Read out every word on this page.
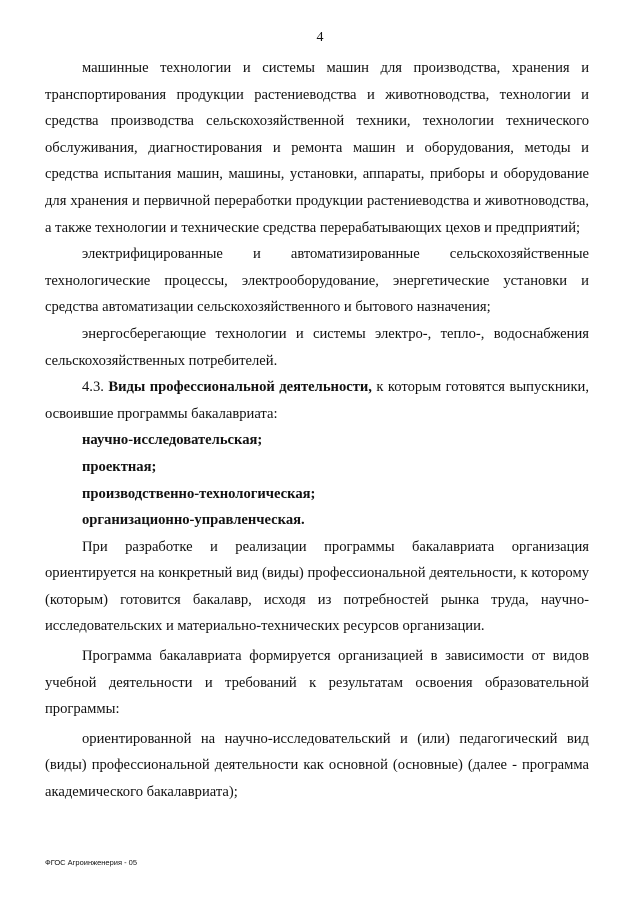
4

машинные технологии и системы машин для производства, хранения и транспортирования продукции растениеводства и животноводства, технологии и средства производства сельскохозяйственной техники, технологии технического обслуживания, диагностирования и ремонта машин и оборудования, методы и средства испытания машин, машины, установки, аппараты, приборы и оборудование для хранения и первичной переработки продукции растениеводства и животноводства, а также технологии и технические средства перерабатывающих цехов и предприятий;

электрифицированные и автоматизированные сельскохозяйственные технологические процессы, электрооборудование, энергетические установки и средства автоматизации сельскохозяйственного и бытового назначения;

энергосберегающие технологии и системы электро-, тепло-, водоснабжения сельскохозяйственных потребителей.

4.3. Виды профессиональной деятельности, к которым готовятся выпускники, освоившие программы бакалавриата:

научно-исследовательская;
проектная;
производственно-технологическая;
организационно-управленческая.

При разработке и реализации программы бакалавриата организация ориентируется на конкретный вид (виды) профессиональной деятельности, к которому (которым) готовится бакалавр, исходя из потребностей рынка труда, научно-исследовательских и материально-технических ресурсов организации.

Программа бакалавриата формируется организацией в зависимости от видов учебной деятельности и требований к результатам освоения образовательной программы:

ориентированной на научно-исследовательский и (или) педагогический вид (виды) профессиональной деятельности как основной (основные) (далее - программа академического бакалавриата);

ФГОС Агроинженерия - 05
